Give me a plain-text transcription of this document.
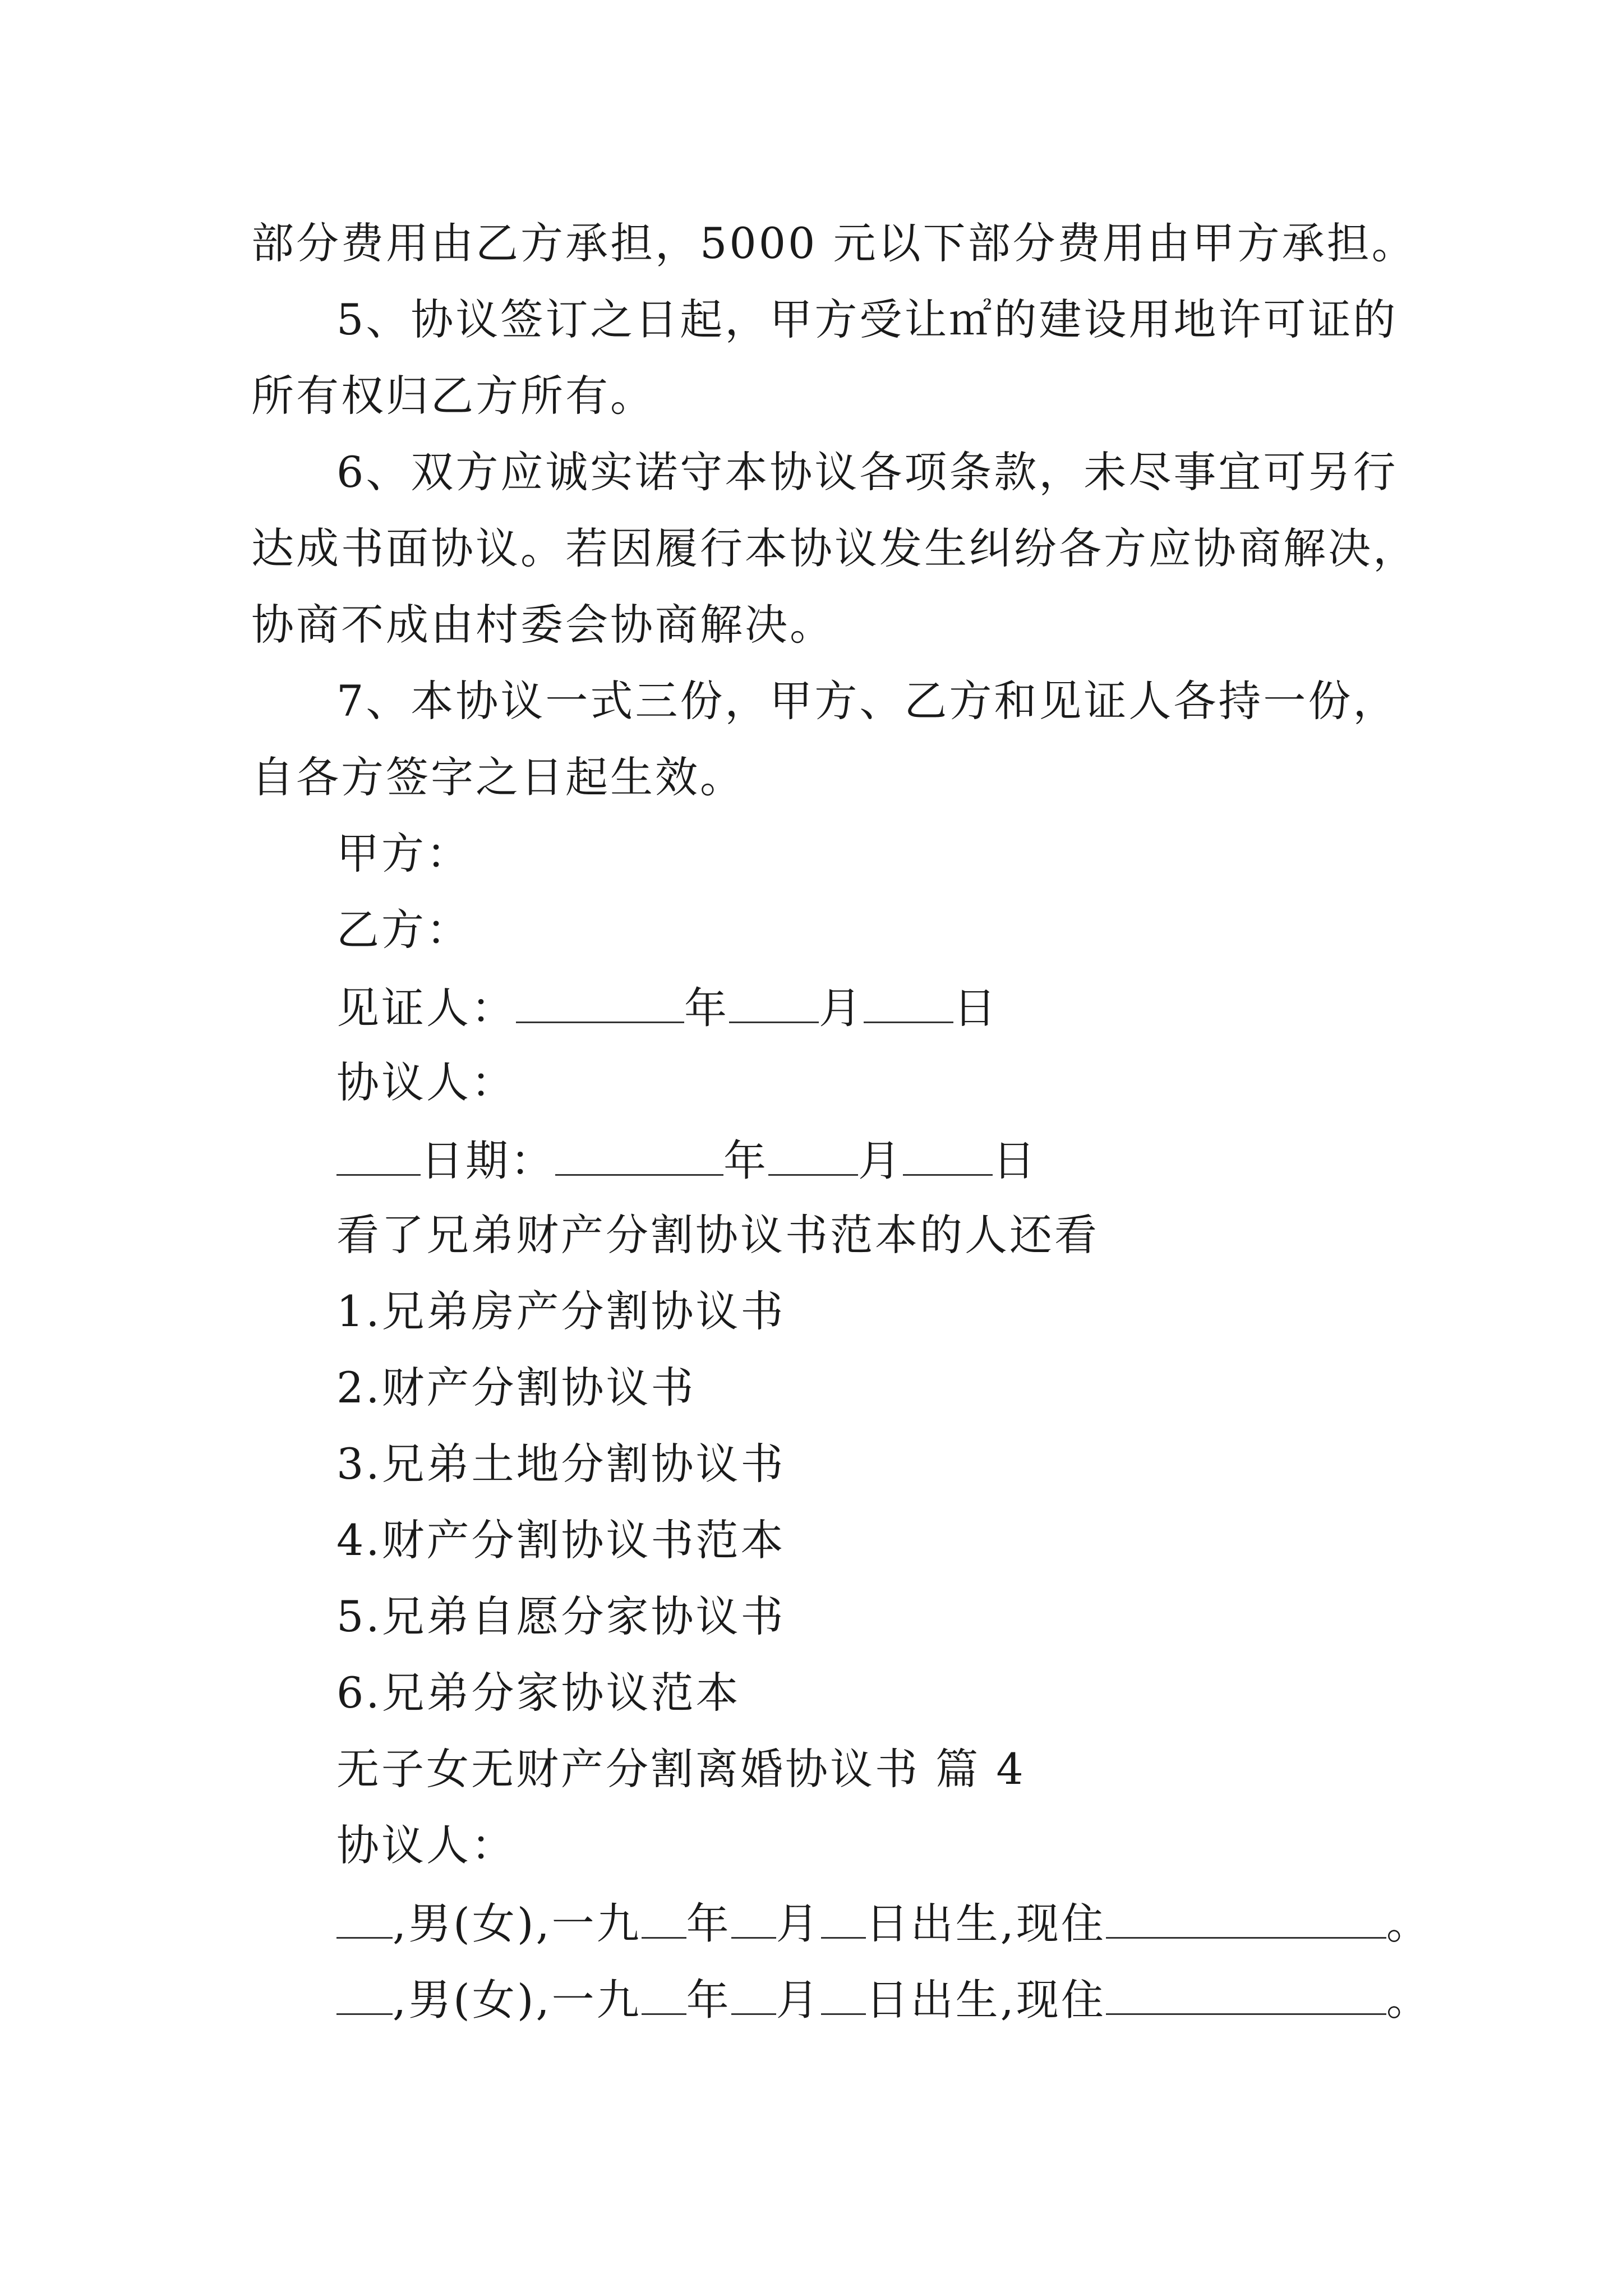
部分费用由乙方承担，5000 元以下部分费用由甲方承担。
5、协议签订之日起，甲方受让㎡的建设用地许可证的
所有权归乙方所有。
6、双方应诚实诺守本协议各项条款，未尽事宜可另行
达成书面协议。若因履行本协议发生纠纷各方应协商解决，
协商不成由村委会协商解决。
7、本协议一式三份，甲方、乙方和见证人各持一份，
自各方签字之日起生效。
甲方：
乙方：
见证人：	年 月 日
协议人：
日期：	年 月 日
看了兄弟财产分割协议书范本的人还看
1.兄弟房产分割协议书
2.财产分割协议书
3.兄弟土地分割协议书
4.财产分割协议书范本
5.兄弟自愿分家协议书
6.兄弟分家协议范本
无子女无财产分割离婚协议书 篇 4
协议人：
,男(女),一九 年 月 日出生,现住	。
,男(女),一九 年 月 日出生,现住	。
